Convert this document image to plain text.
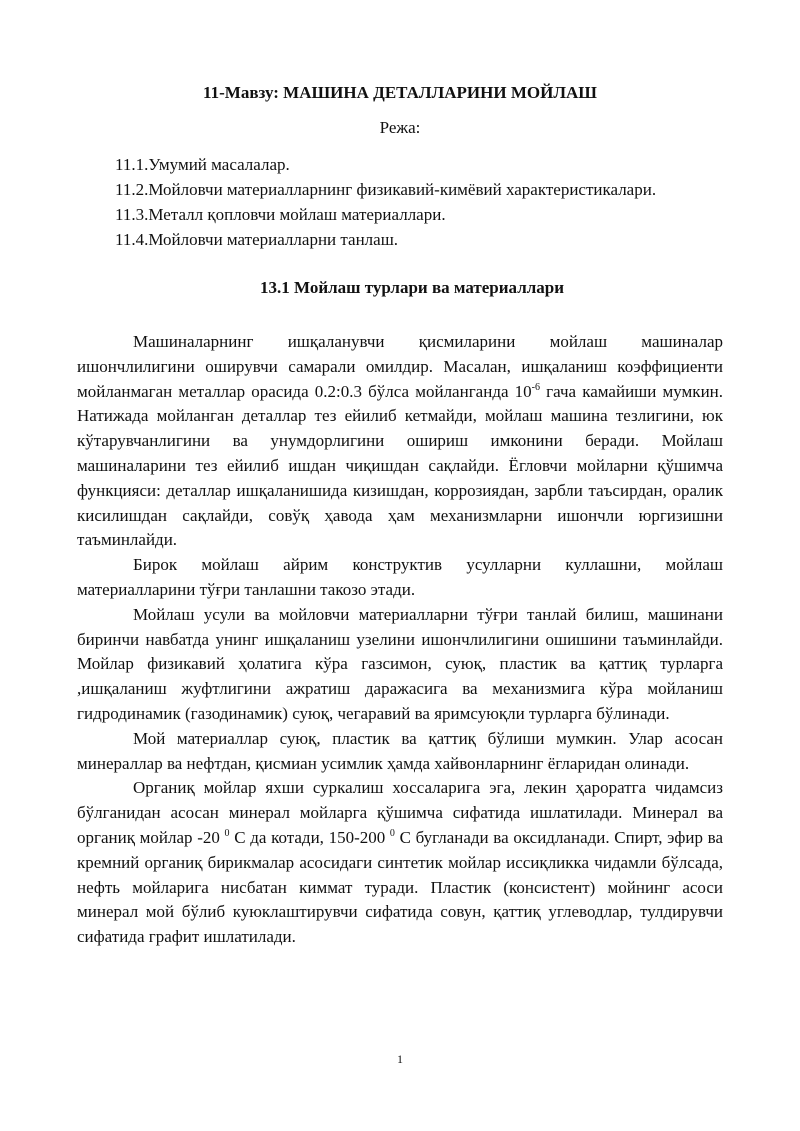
11-Мавзу: МАШИНА ДЕТАЛЛАРИНИ МОЙЛАШ
Режа:
11.1.Умумий масалалар.
11.2.Мойловчи материалларнинг физикавий-кимёвий характеристикалари.
11.3.Металл қопловчи мойлаш материаллари.
11.4.Мойловчи материалларни танлаш.
13.1 Мойлаш турлари ва материаллари

Машиналарнинг ишқаланувчи қисмиларини мойлаш машиналар ишончлилигини оширувчи самарали омилдир. Масалан, ишқаланиш коэффициенти мойланмаган металлар орасида 0.2:0.3 бўлса мойланганда $10^{-6}$ гача камайиши мумкин. Натижада мойланган деталлар тез ейилиб кетмайди, мойлаш машина тезлигини, юк кўтарувчанлигини ва унумдорлигини ошириш имконини беради. Мойлаш машиналарини тез ейилиб ишдан чиқишдан сақлайди. Ёгловчи мойларни қўшимча функцияси: деталлар ишқаланишида кизишдан, коррозиядан, зарбли таъсирдан, оралик кисилишдан сақлайди, совўқ ҳавода ҳам механизмларни ишончли юргизишни таъминлайди.

Бирок мойлаш айрим конструктив усулларни куллашни, мойлаш материалларини тўғри танлашни такозо этади.

Мойлаш усули ва мойловчи материалларни тўғри танлай билиш, машинани биринчи навбатда унинг ишқаланиш узелини ишончлилигини ошишини таъминлайди. Мойлар физикавий ҳолатига кўра газсимон, суюқ, пластик ва қаттиқ турларга ,ишқаланиш жуфтлигини ажратиш даражасига ва механизмига кўра мойланиш гидродинамик (газодинамик) суюқ, чегаравий ва яримсуюқли турларга бўлинади.

Мой материаллар суюқ, пластик ва қаттиқ бўлиши мумкин. Улар асосан минераллар ва нефтдан, қисмиан усимлик ҳамда хайвонларнинг ёгларидан олинади.

Органиқ мойлар яхши суркалиш хоссаларига эга, лекин ҳароратга чидамсиз бўлганидан асосан минерал мойларга қўшимча сифатида ишлатилади. Минерал ва органиқ мойлар -20 $^0$ С да котади, 150-200 $^0$ С бугланади ва оксидланади. Спирт, эфир ва кремний органиқ бирикмалар асосидаги синтетик мойлар иссиқликка чидамли бўлсада, нефть мойларига нисбатан киммат туради. Пластик (консистент) мойнинг асоси минерал мой бўлиб куюклаштирувчи сифатида совун, қаттиқ углеводлар, тулдирувчи сифатида графит ишлатилади.

1
